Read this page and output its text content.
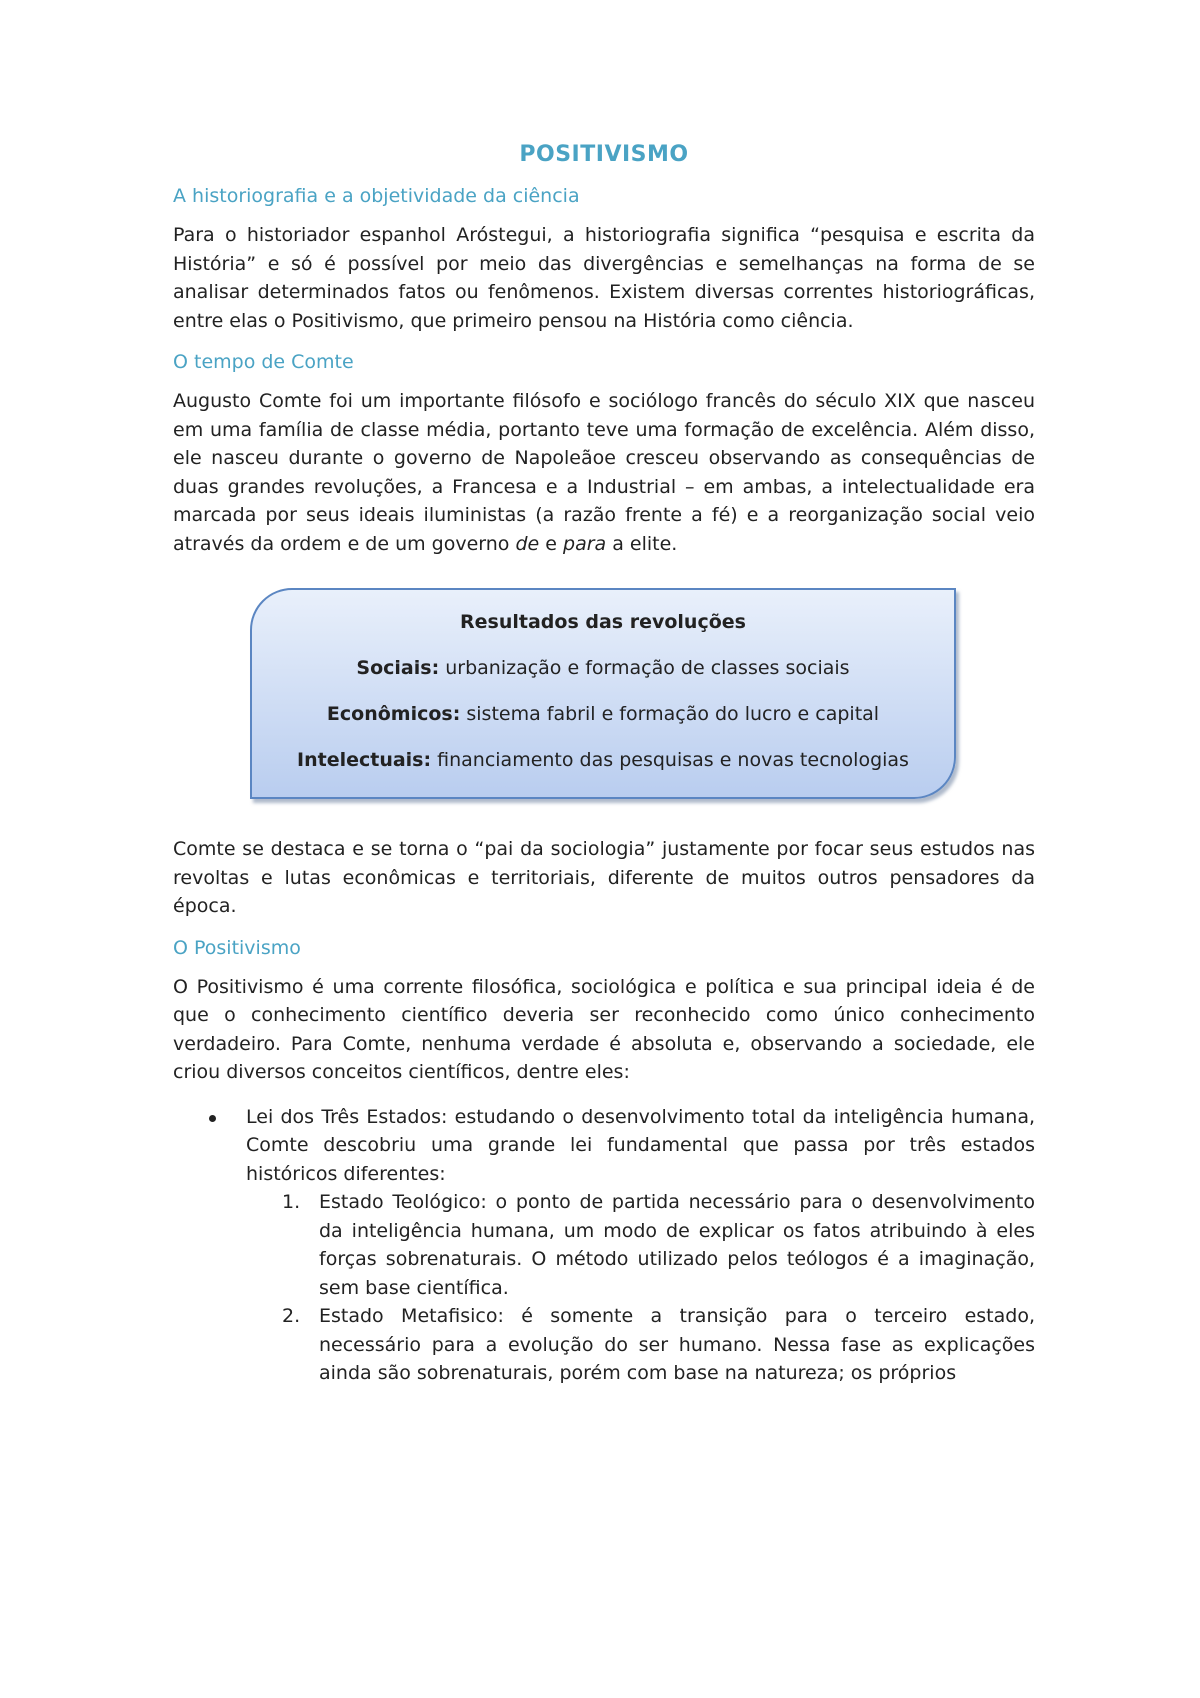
POSITIVISMO
A historiografia e a objetividade da ciência

Para o historiador espanhol Aróstegui, a historiografia significa “pesquisa e escrita da História” e só é possível por meio das divergências e semelhanças na forma de se analisar determinados fatos ou fenômenos. Existem diversas correntes historiográficas, entre elas o Positivismo, que primeiro pensou na História como ciência.

O tempo de Comte

Augusto Comte foi um importante filósofo e sociólogo francês do século XIX que nasceu em uma família de classe média, portanto teve uma formação de excelência. Além disso, ele nasceu durante o governo de Napoleãoe cresceu observando as consequências de duas grandes revoluções, a Francesa e a Industrial – em ambas, a intelectualidade era marcada por seus ideais iluministas (a razão frente a fé) e a reorganização social veio através da ordem e de um governo de e para a elite.

Resultados das revoluções
Sociais: urbanização e formação de classes sociais
Econômicos: sistema fabril e formação do lucro e capital
Intelectuais: financiamento das pesquisas e novas tecnologias

Comte se destaca e se torna o “pai da sociologia” justamente por focar seus estudos nas revoltas e lutas econômicas e territoriais, diferente de muitos outros pensadores da época.

O Positivismo

O Positivismo é uma corrente filosófica, sociológica e política e sua principal ideia é de que o conhecimento científico deveria ser reconhecido como único conhecimento verdadeiro. Para Comte, nenhuma verdade é absoluta e, observando a sociedade, ele criou diversos conceitos científicos, dentre eles:

Lei dos Três Estados: estudando o desenvolvimento total da inteligência humana, Comte descobriu uma grande lei fundamental que passa por três estados históricos diferentes:
1. Estado Teológico: o ponto de partida necessário para o desenvolvimento da inteligência humana, um modo de explicar os fatos atribuindo à eles forças sobrenaturais. O método utilizado pelos teólogos é a imaginação, sem base científica.
2. Estado Metafisico: é somente a transição para o terceiro estado, necessário para a evolução do ser humano. Nessa fase as explicações ainda são sobrenaturais, porém com base na natureza; os próprios
